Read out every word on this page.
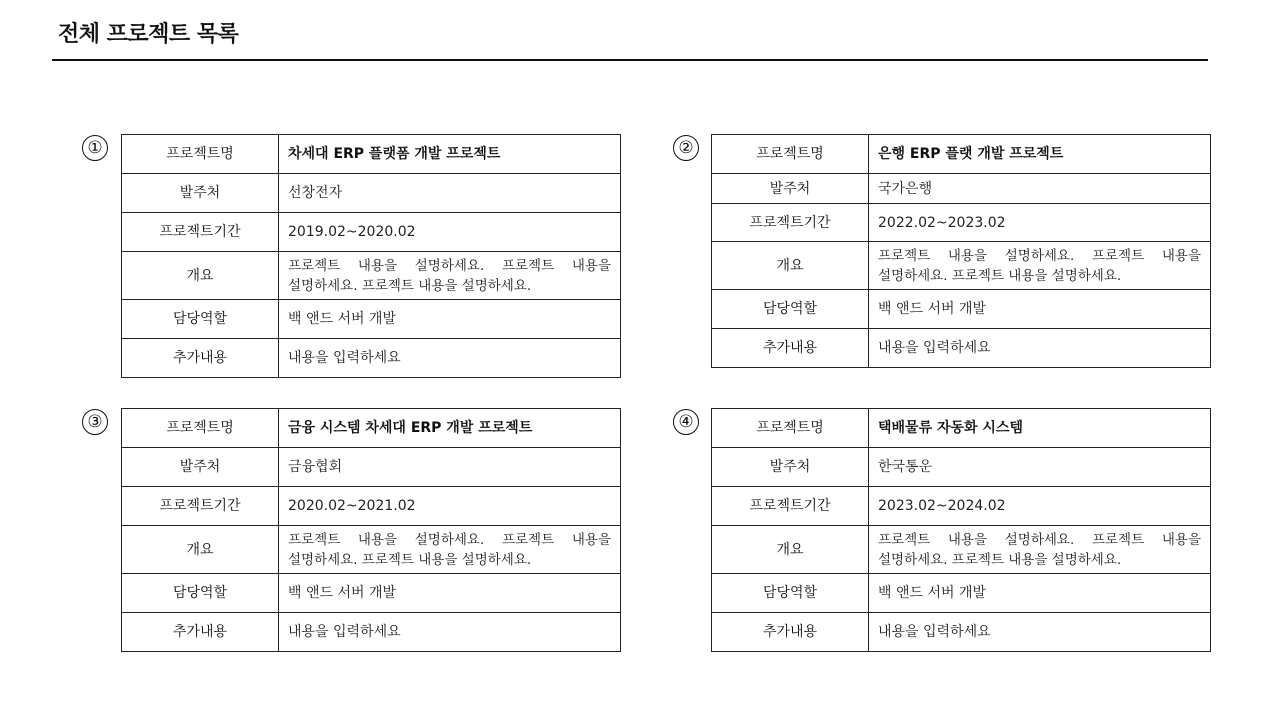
전체 프로젝트 목록
①	프로젝트명	차세대 ERP 플랫폼 개발 프로젝트
발주처	선창전자
프로젝트기간	2019.02~2020.02
개요	프로젝트 내용을 설명하세요. 프로젝트 내용을 설명하세요. 프로젝트 내용을 설명하세요.
담당역할	백 앤드 서버 개발
추가내용	내용을 입력하세요
②	프로젝트명	은행 ERP 플랫 개발 프로젝트
발주처	국가은행
프로젝트기간	2022.02~2023.02
개요	프로젝트 내용을 설명하세요. 프로젝트 내용을 설명하세요. 프로젝트 내용을 설명하세요.
담당역할	백 앤드 서버 개발
추가내용	내용을 입력하세요
③	프로젝트명	금융 시스템 차세대 ERP 개발 프로젝트
발주처	금융협회
프로젝트기간	2020.02~2021.02
개요	프로젝트 내용을 설명하세요. 프로젝트 내용을 설명하세요. 프로젝트 내용을 설명하세요.
담당역할	백 앤드 서버 개발
추가내용	내용을 입력하세요
④	프로젝트명	택배물류 자동화 시스템
발주처	한국통운
프로젝트기간	2023.02~2024.02
개요	프로젝트 내용을 설명하세요. 프로젝트 내용을 설명하세요. 프로젝트 내용을 설명하세요.
담당역할	백 앤드 서버 개발
추가내용	내용을 입력하세요
